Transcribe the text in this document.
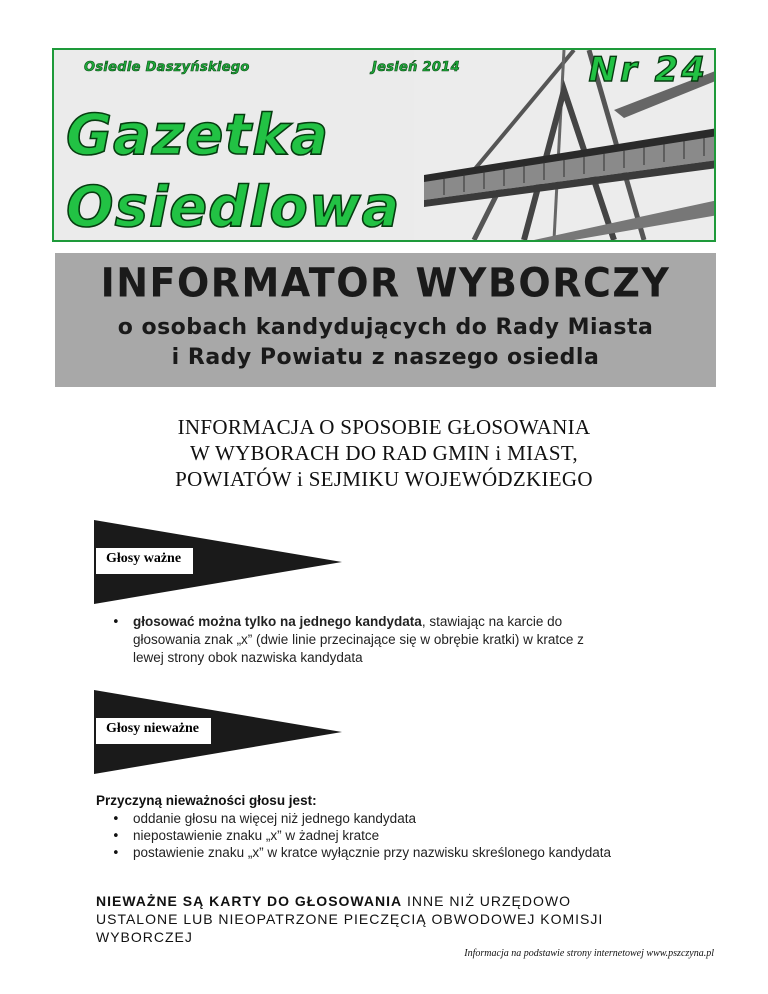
Osiedle Daszyńskiego	Jesień 2014	Nr 24
Gazetka
Osiedlowa
INFORMATOR WYBORCZY
o osobach kandydujących do Rady Miasta
i Rady Powiatu z naszego osiedla
INFORMACJA O SPOSOBIE GŁOSOWANIA
W WYBORACH DO RAD GMIN i MIAST,
POWIATÓW i SEJMIKU WOJEWÓDZKIEGO
Głosy ważne
• głosować można tylko na jednego kandydata, stawiając na karcie do
głosowania znak „x” (dwie linie przecinające się w obrębie kratki) w kratce z
lewej strony obok nazwiska kandydata
Głosy nieważne
Przyczyną nieważności głosu jest:
• oddanie głosu na więcej niż jednego kandydata
• niepostawienie znaku „x” w żadnej kratce
• postawienie znaku „x” w kratce wyłącznie przy nazwisku skreślonego kandydata
NIEWAŻNE SĄ KARTY DO GŁOSOWANIA INNE NIŻ URZĘDOWO
USTALONE LUB NIEOPATRZONE PIECZĘCIĄ OBWODOWEJ KOMISJI
WYBORCZEJ
Informacja na podstawie strony internetowej www.pszczyna.pl
